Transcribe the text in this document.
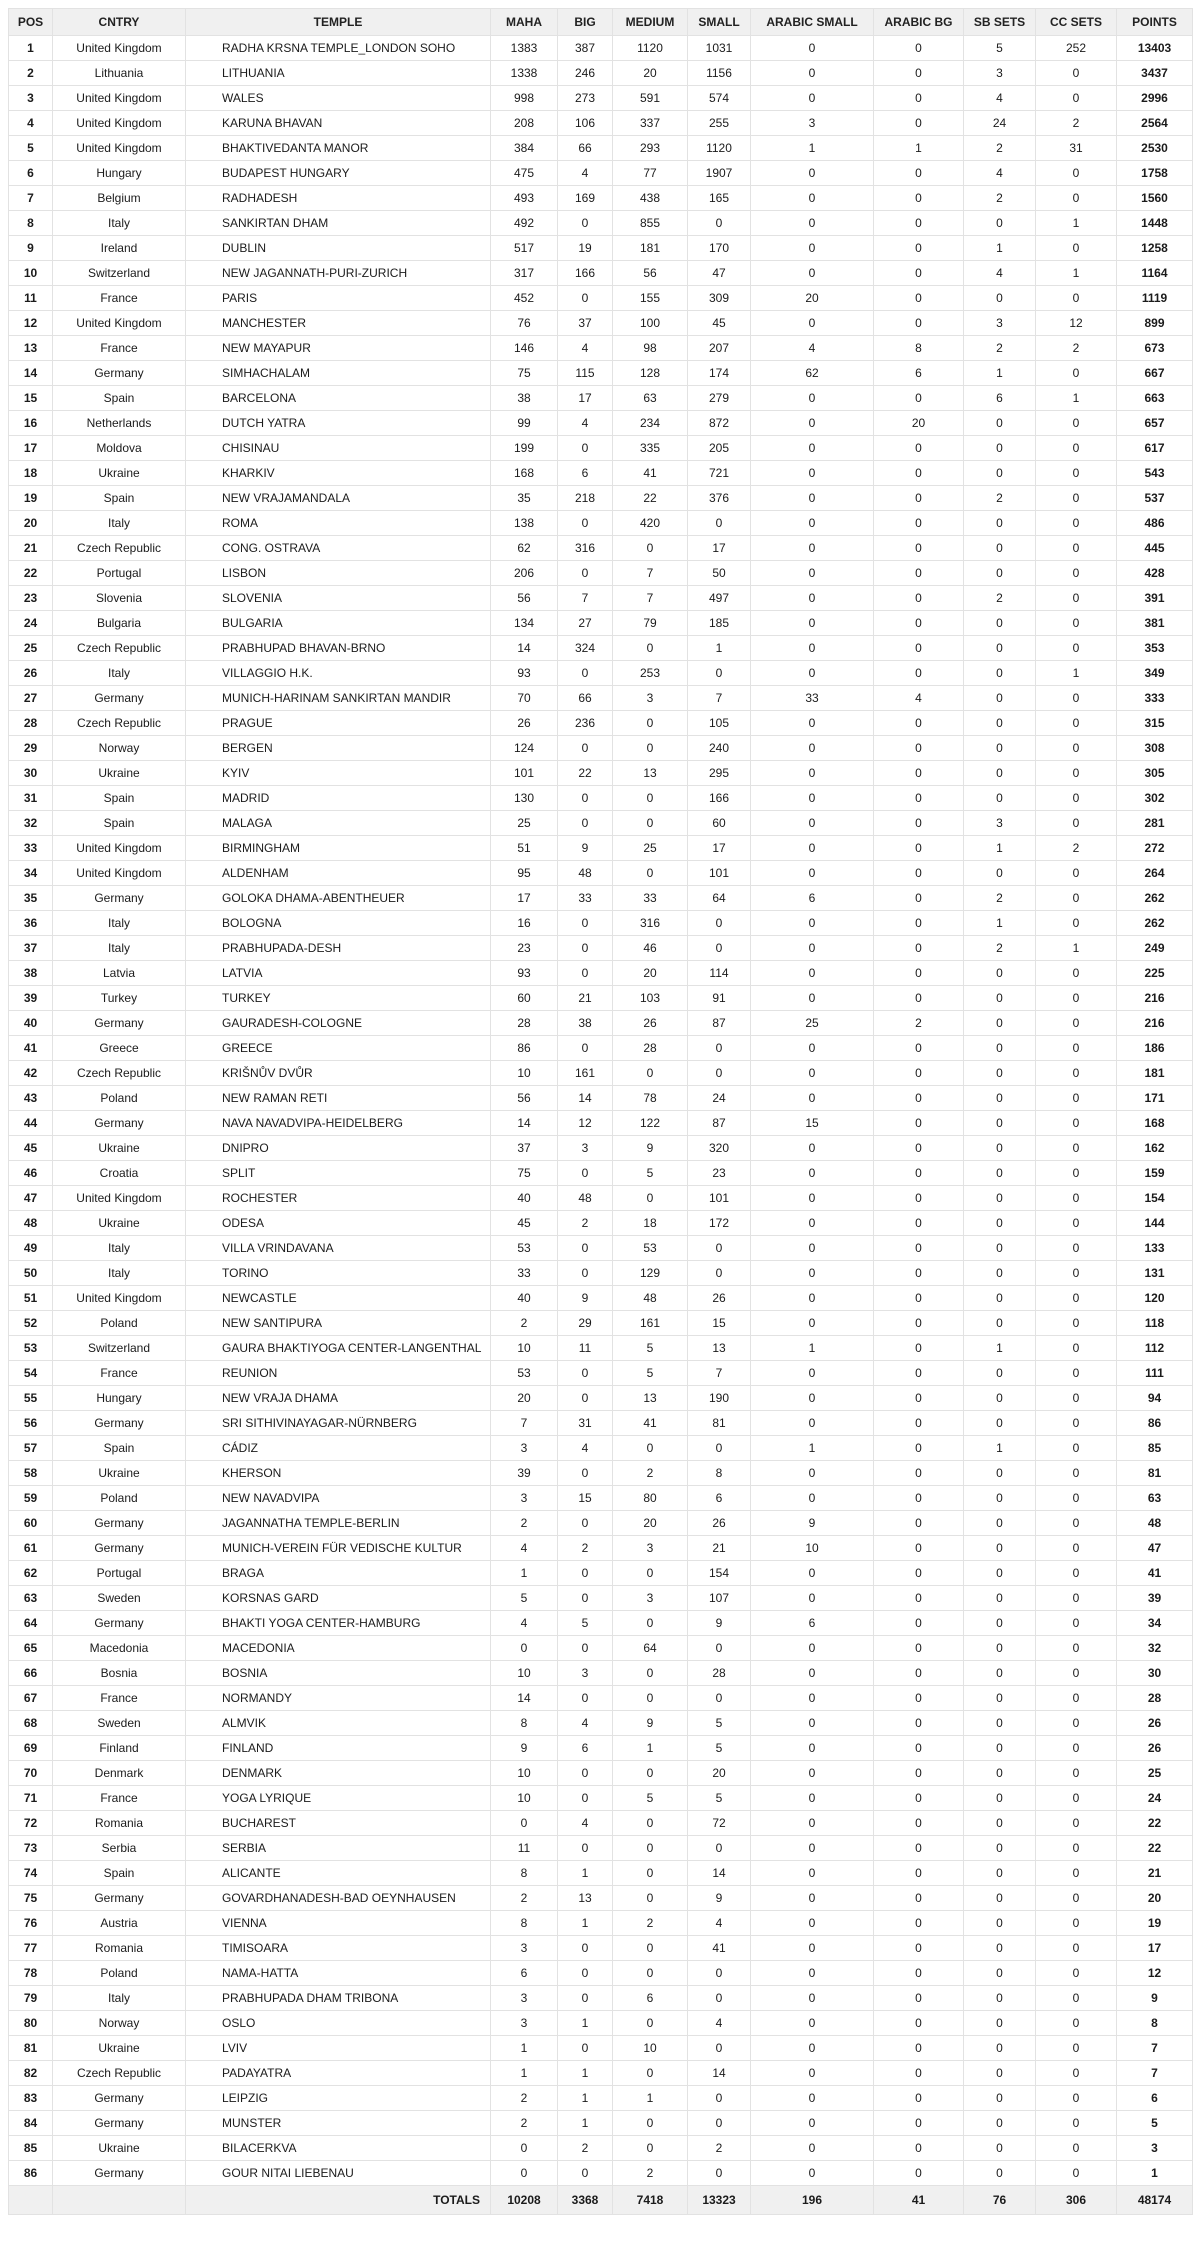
POS	CNTRY	TEMPLE	MAHA	BIG	MEDIUM	SMALL	ARABIC SMALL	ARABIC BG	SB SETS	CC SETS	POINTS
1	United Kingdom	RADHA KRSNA TEMPLE_LONDON SOHO	1383	387	1120	1031	0	0	5	252	13403
2	Lithuania	LITHUANIA	1338	246	20	1156	0	0	3	0	3437
3	United Kingdom	WALES	998	273	591	574	0	0	4	0	2996
4	United Kingdom	KARUNA BHAVAN	208	106	337	255	3	0	24	2	2564
5	United Kingdom	BHAKTIVEDANTA MANOR	384	66	293	1120	1	1	2	31	2530
6	Hungary	BUDAPEST HUNGARY	475	4	77	1907	0	0	4	0	1758
7	Belgium	RADHADESH	493	169	438	165	0	0	2	0	1560
8	Italy	SANKIRTAN DHAM	492	0	855	0	0	0	0	1	1448
9	Ireland	DUBLIN	517	19	181	170	0	0	1	0	1258
10	Switzerland	NEW JAGANNATH-PURI-ZURICH	317	166	56	47	0	0	4	1	1164
11	France	PARIS	452	0	155	309	20	0	0	0	1119
12	United Kingdom	MANCHESTER	76	37	100	45	0	0	3	12	899
13	France	NEW MAYAPUR	146	4	98	207	4	8	2	2	673
14	Germany	SIMHACHALAM	75	115	128	174	62	6	1	0	667
15	Spain	BARCELONA	38	17	63	279	0	0	6	1	663
16	Netherlands	DUTCH YATRA	99	4	234	872	0	20	0	0	657
17	Moldova	CHISINAU	199	0	335	205	0	0	0	0	617
18	Ukraine	KHARKIV	168	6	41	721	0	0	0	0	543
19	Spain	NEW VRAJAMANDALA	35	218	22	376	0	0	2	0	537
20	Italy	ROMA	138	0	420	0	0	0	0	0	486
21	Czech Republic	CONG. OSTRAVA	62	316	0	17	0	0	0	0	445
22	Portugal	LISBON	206	0	7	50	0	0	0	0	428
23	Slovenia	SLOVENIA	56	7	7	497	0	0	2	0	391
24	Bulgaria	BULGARIA	134	27	79	185	0	0	0	0	381
25	Czech Republic	PRABHUPAD BHAVAN-BRNO	14	324	0	1	0	0	0	0	353
26	Italy	VILLAGGIO H.K.	93	0	253	0	0	0	0	1	349
27	Germany	MUNICH-HARINAM SANKIRTAN MANDIR	70	66	3	7	33	4	0	0	333
28	Czech Republic	PRAGUE	26	236	0	105	0	0	0	0	315
29	Norway	BERGEN	124	0	0	240	0	0	0	0	308
30	Ukraine	KYIV	101	22	13	295	0	0	0	0	305
31	Spain	MADRID	130	0	0	166	0	0	0	0	302
32	Spain	MALAGA	25	0	0	60	0	0	3	0	281
33	United Kingdom	BIRMINGHAM	51	9	25	17	0	0	1	2	272
34	United Kingdom	ALDENHAM	95	48	0	101	0	0	0	0	264
35	Germany	GOLOKA DHAMA-ABENTHEUER	17	33	33	64	6	0	2	0	262
36	Italy	BOLOGNA	16	0	316	0	0	0	1	0	262
37	Italy	PRABHUPADA-DESH	23	0	46	0	0	0	2	1	249
38	Latvia	LATVIA	93	0	20	114	0	0	0	0	225
39	Turkey	TURKEY	60	21	103	91	0	0	0	0	216
40	Germany	GAURADESH-COLOGNE	28	38	26	87	25	2	0	0	216
41	Greece	GREECE	86	0	28	0	0	0	0	0	186
42	Czech Republic	KRIŠNŮV DVŮR	10	161	0	0	0	0	0	0	181
43	Poland	NEW RAMAN RETI	56	14	78	24	0	0	0	0	171
44	Germany	NAVA NAVADVIPA-HEIDELBERG	14	12	122	87	15	0	0	0	168
45	Ukraine	DNIPRO	37	3	9	320	0	0	0	0	162
46	Croatia	SPLIT	75	0	5	23	0	0	0	0	159
47	United Kingdom	ROCHESTER	40	48	0	101	0	0	0	0	154
48	Ukraine	ODESA	45	2	18	172	0	0	0	0	144
49	Italy	VILLA VRINDAVANA	53	0	53	0	0	0	0	0	133
50	Italy	TORINO	33	0	129	0	0	0	0	0	131
51	United Kingdom	NEWCASTLE	40	9	48	26	0	0	0	0	120
52	Poland	NEW SANTIPURA	2	29	161	15	0	0	0	0	118
53	Switzerland	GAURA BHAKTIYOGA CENTER-LANGENTHAL	10	11	5	13	1	0	1	0	112
54	France	REUNION	53	0	5	7	0	0	0	0	111
55	Hungary	NEW VRAJA DHAMA	20	0	13	190	0	0	0	0	94
56	Germany	SRI SITHIVINAYAGAR-NÜRNBERG	7	31	41	81	0	0	0	0	86
57	Spain	CÁDIZ	3	4	0	0	1	0	1	0	85
58	Ukraine	KHERSON	39	0	2	8	0	0	0	0	81
59	Poland	NEW NAVADVIPA	3	15	80	6	0	0	0	0	63
60	Germany	JAGANNATHA TEMPLE-BERLIN	2	0	20	26	9	0	0	0	48
61	Germany	MUNICH-VEREIN FÜR VEDISCHE KULTUR	4	2	3	21	10	0	0	0	47
62	Portugal	BRAGA	1	0	0	154	0	0	0	0	41
63	Sweden	KORSNAS GARD	5	0	3	107	0	0	0	0	39
64	Germany	BHAKTI YOGA CENTER-HAMBURG	4	5	0	9	6	0	0	0	34
65	Macedonia	MACEDONIA	0	0	64	0	0	0	0	0	32
66	Bosnia	BOSNIA	10	3	0	28	0	0	0	0	30
67	France	NORMANDY	14	0	0	0	0	0	0	0	28
68	Sweden	ALMVIK	8	4	9	5	0	0	0	0	26
69	Finland	FINLAND	9	6	1	5	0	0	0	0	26
70	Denmark	DENMARK	10	0	0	20	0	0	0	0	25
71	France	YOGA LYRIQUE	10	0	5	5	0	0	0	0	24
72	Romania	BUCHAREST	0	4	0	72	0	0	0	0	22
73	Serbia	SERBIA	11	0	0	0	0	0	0	0	22
74	Spain	ALICANTE	8	1	0	14	0	0	0	0	21
75	Germany	GOVARDHANADESH-BAD OEYNHAUSEN	2	13	0	9	0	0	0	0	20
76	Austria	VIENNA	8	1	2	4	0	0	0	0	19
77	Romania	TIMISOARA	3	0	0	41	0	0	0	0	17
78	Poland	NAMA-HATTA	6	0	0	0	0	0	0	0	12
79	Italy	PRABHUPADA DHAM TRIBONA	3	0	6	0	0	0	0	0	9
80	Norway	OSLO	3	1	0	4	0	0	0	0	8
81	Ukraine	LVIV	1	0	10	0	0	0	0	0	7
82	Czech Republic	PADAYATRA	1	1	0	14	0	0	0	0	7
83	Germany	LEIPZIG	2	1	1	0	0	0	0	0	6
84	Germany	MUNSTER	2	1	0	0	0	0	0	0	5
85	Ukraine	BILACERKVA	0	2	0	2	0	0	0	0	3
86	Germany	GOUR NITAI LIEBENAU	0	0	2	0	0	0	0	0	1
		TOTALS	10208	3368	7418	13323	196	41	76	306	48174
